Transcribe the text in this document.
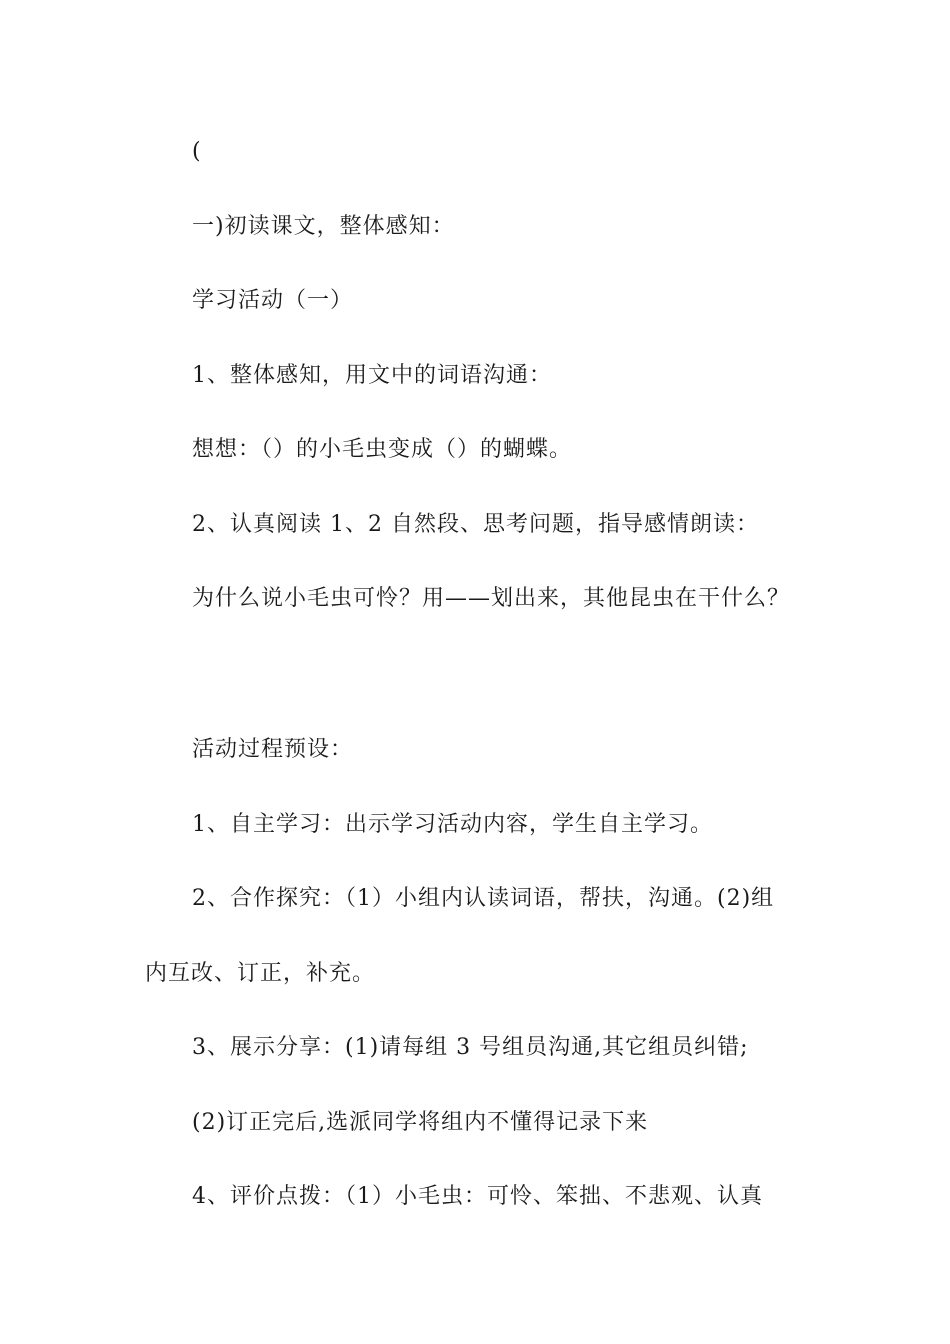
(
一)初读课文，整体感知：
学习活动（一）
1、整体感知，用文中的词语沟通：
想想：（）的小毛虫变成（）的蝴蝶。
2、认真阅读 1、2 自然段、思考问题，指导感情朗读：
为什么说小毛虫可怜？用——划出来，其他昆虫在干什么？
活动过程预设：
1、自主学习：出示学习活动内容，学生自主学习。
2、合作探究：（1）小组内认读词语，帮扶，沟通。(2)组
内互改、订正，补充。
3、展示分享：(1)请每组 3 号组员沟通,其它组员纠错;
(2)订正完后,选派同学将组内不懂得记录下来
4、评价点拨：（1）小毛虫：可怜、笨拙、不悲观、认真
